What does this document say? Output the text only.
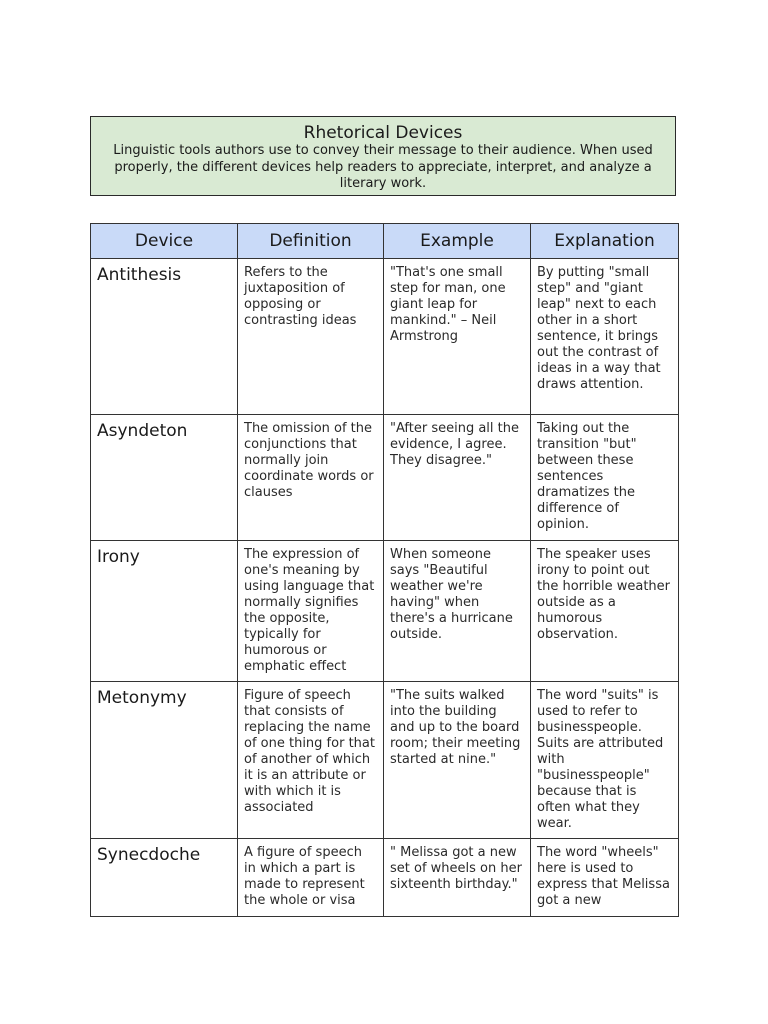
Rhetorical Devices
Linguistic tools authors use to convey their message to their audience. When used properly, the different devices help readers to appreciate, interpret, and analyze a literary work.
Device	Definition	Example	Explanation
Antithesis	Refers to the juxtaposition of opposing or contrasting ideas	"That's one small step for man, one giant leap for mankind." – Neil Armstrong	By putting "small step" and "giant leap" next to each other in a short sentence, it brings out the contrast of ideas in a way that draws attention.
Asyndeton	The omission of the conjunctions that normally join coordinate words or clauses	"After seeing all the evidence, I agree. They disagree."	Taking out the transition "but" between these sentences dramatizes the difference of opinion.
Irony	The expression of one's meaning by using language that normally signifies the opposite, typically for humorous or emphatic effect	When someone says "Beautiful weather we're having" when there's a hurricane outside.	The speaker uses irony to point out the horrible weather outside as a humorous observation.
Metonymy	Figure of speech that consists of replacing the name of one thing for that of another of which it is an attribute or with which it is associated	"The suits walked into the building and up to the board room; their meeting started at nine."	The word "suits" is used to refer to businesspeople. Suits are attributed with "businesspeople" because that is often what they wear.
Synecdoche	A figure of speech in which a part is made to represent the whole or visa	" Melissa got a new set of wheels on her sixteenth birthday."	The word "wheels" here is used to express that Melissa got a new
